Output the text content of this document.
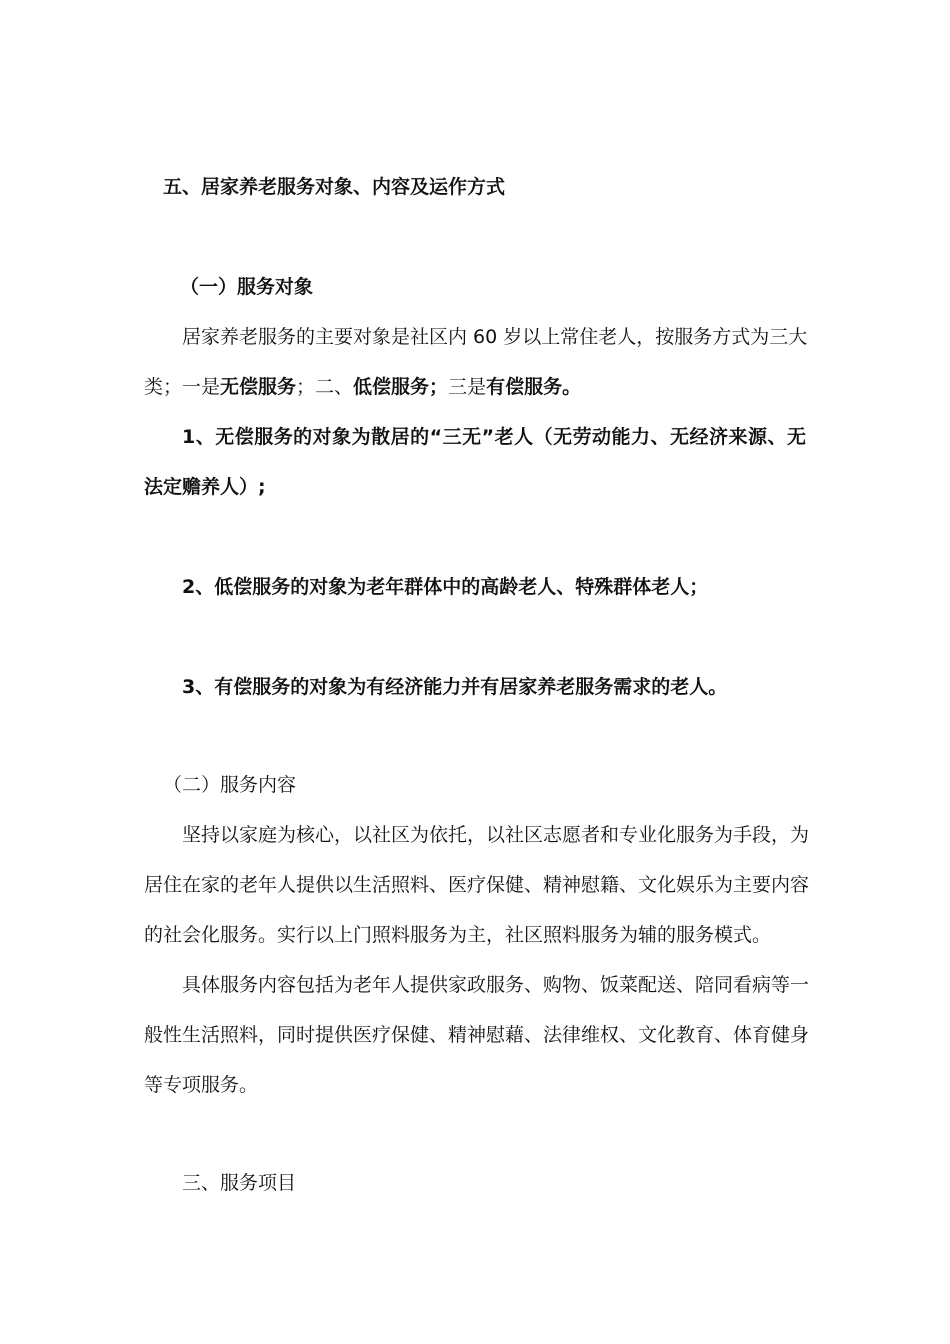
五、居家养老服务对象、内容及运作方式
（一）服务对象
居家养老服务的主要对象是社区内 60 岁以上常住老人，按服务方式为三大
类；一是无偿服务；二、低偿服务；三是有偿服务。
1、无偿服务的对象为散居的“三无”老人（无劳动能力、无经济来源、无
法定赡养人）;
2、低偿服务的对象为老年群体中的高龄老人、特殊群体老人；
3、有偿服务的对象为有经济能力并有居家养老服务需求的老人。
（二）服务内容
坚持以家庭为核心，以社区为依托，以社区志愿者和专业化服务为手段，为
居住在家的老年人提供以生活照料、医疗保健、精神慰籍、文化娱乐为主要内容
的社会化服务。实行以上门照料服务为主，社区照料服务为辅的服务模式。
具体服务内容包括为老年人提供家政服务、购物、饭菜配送、陪同看病等一
般性生活照料，同时提供医疗保健、精神慰藉、法律维权、文化教育、体育健身
等专项服务。
三、服务项目
